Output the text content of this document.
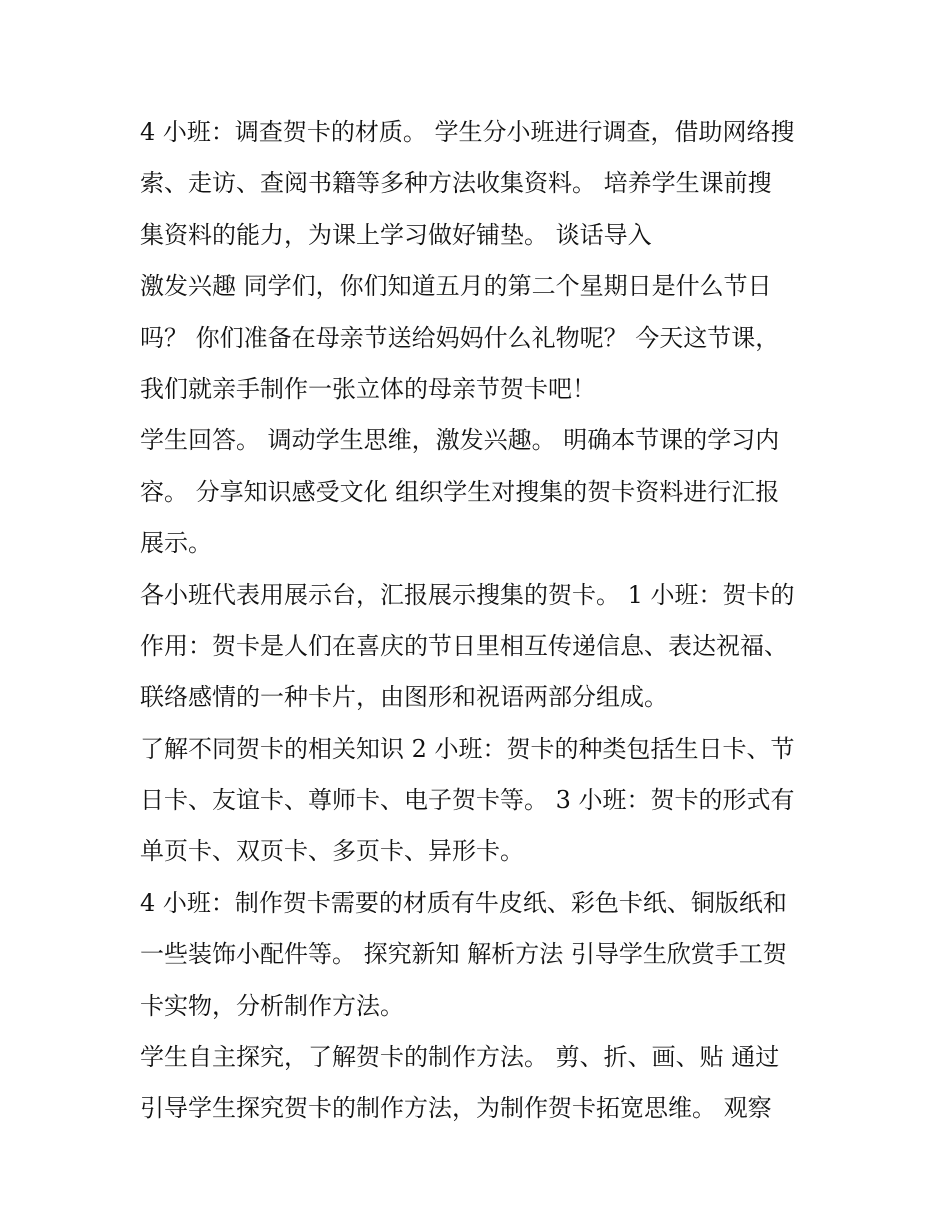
4 小班：调查贺卡的材质。 学生分小班进行调查，借助网络搜
索、走访、查阅书籍等多种方法收集资料。 培养学生课前搜
集资料的能力，为课上学习做好铺垫。 谈话导入
激发兴趣 同学们，你们知道五月的第二个星期日是什么节日
吗？ 你们准备在母亲节送给妈妈什么礼物呢？ 今天这节课，
我们就亲手制作一张立体的母亲节贺卡吧！
学生回答。 调动学生思维，激发兴趣。 明确本节课的学习内
容。 分享知识感受文化 组织学生对搜集的贺卡资料进行汇报
展示。
各小班代表用展示台，汇报展示搜集的贺卡。 1 小班：贺卡的
作用：贺卡是人们在喜庆的节日里相互传递信息、表达祝福、
联络感情的一种卡片，由图形和祝语两部分组成。
了解不同贺卡的相关知识 2 小班：贺卡的种类包括生日卡、节
日卡、友谊卡、尊师卡、电子贺卡等。 3 小班：贺卡的形式有
单页卡、双页卡、多页卡、异形卡。
4 小班：制作贺卡需要的材质有牛皮纸、彩色卡纸、铜版纸和
一些装饰小配件等。 探究新知 解析方法 引导学生欣赏手工贺
卡实物，分析制作方法。
学生自主探究，了解贺卡的制作方法。 剪、折、画、贴 通过
引导学生探究贺卡的制作方法，为制作贺卡拓宽思维。 观察
